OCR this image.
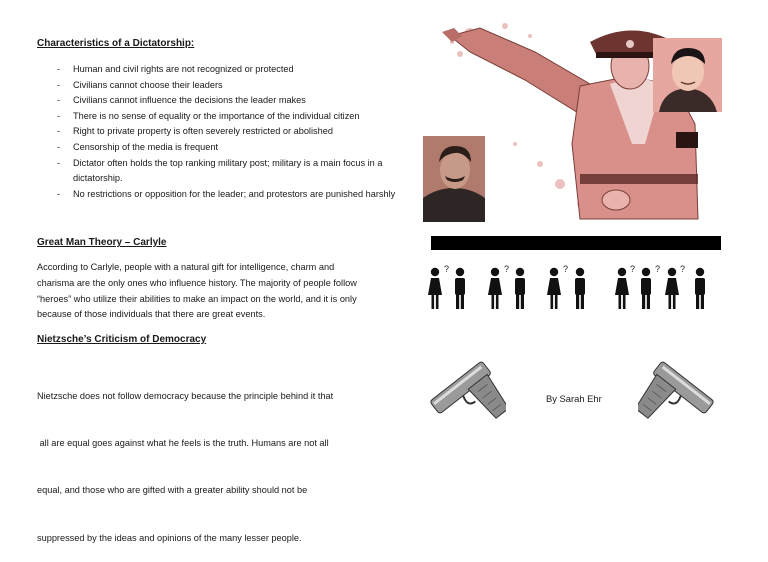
Characteristics of a Dictatorship:

- Human and civil rights are not recognized or protected
- Civilians cannot choose their leaders
- Civilians cannot influence the decisions the leader makes
- There is no sense of equality or the importance of the individual citizen
- Right to private property is often severely restricted or abolished
- Censorship of the media is frequent
- Dictator often holds the top ranking military post; military is a main focus in a dictatorship.
- No restrictions or opposition for the leader; and protestors are punished harshly

Great Man Theory – Carlyle

According to Carlyle, people with a natural gift for intelligence, charm and
charisma are the only ones who influence history. The majority of people follow
“heroes” who utilize their abilities to make an impact on the world, and it is only
because of those individuals that there are great events.

Nietzsche’s Criticism of Democracy

Nietzsche does not follow democracy because the principle behind it that

all are equal goes against what he feels is the truth. Humans are not all

equal, and those who are gifted with a greater ability should not be

suppressed by the ideas and opinions of the many lesser people.

?	?	?	? ? ?

By Sarah Ehr
